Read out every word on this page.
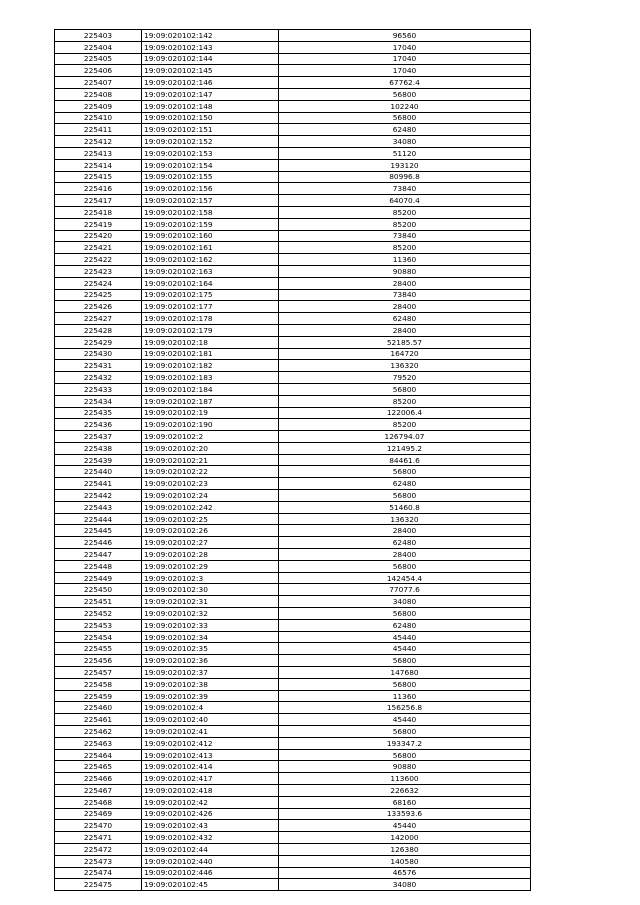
225403	19:09:020102:142	96560
225404	19:09:020102:143	17040
225405	19:09:020102:144	17040
225406	19:09:020102:145	17040
225407	19:09:020102:146	67762.4
225408	19:09:020102:147	56800
225409	19:09:020102:148	102240
225410	19:09:020102:150	56800
225411	19:09:020102:151	62480
225412	19:09:020102:152	34080
225413	19:09:020102:153	51120
225414	19:09:020102:154	193120
225415	19:09:020102:155	80996.8
225416	19:09:020102:156	73840
225417	19:09:020102:157	64070.4
225418	19:09:020102:158	85200
225419	19:09:020102:159	85200
225420	19:09:020102:160	73840
225421	19:09:020102:161	85200
225422	19:09:020102:162	11360
225423	19:09:020102:163	90880
225424	19:09:020102:164	28400
225425	19:09:020102:175	73840
225426	19:09:020102:177	28400
225427	19:09:020102:178	62480
225428	19:09:020102:179	28400
225429	19:09:020102:18	52185.57
225430	19:09:020102:181	164720
225431	19:09:020102:182	136320
225432	19:09:020102:183	79520
225433	19:09:020102:184	56800
225434	19:09:020102:187	85200
225435	19:09:020102:19	122006.4
225436	19:09:020102:190	85200
225437	19:09:020102:2	126794.07
225438	19:09:020102:20	121495.2
225439	19:09:020102:21	84461.6
225440	19:09:020102:22	56800
225441	19:09:020102:23	62480
225442	19:09:020102:24	56800
225443	19:09:020102:242	51460.8
225444	19:09:020102:25	136320
225445	19:09:020102:26	28400
225446	19:09:020102:27	62480
225447	19:09:020102:28	28400
225448	19:09:020102:29	56800
225449	19:09:020102:3	142454.4
225450	19:09:020102:30	77077.6
225451	19:09:020102:31	34080
225452	19:09:020102:32	56800
225453	19:09:020102:33	62480
225454	19:09:020102:34	45440
225455	19:09:020102:35	45440
225456	19:09:020102:36	56800
225457	19:09:020102:37	147680
225458	19:09:020102:38	56800
225459	19:09:020102:39	11360
225460	19:09:020102:4	156256.8
225461	19:09:020102:40	45440
225462	19:09:020102:41	56800
225463	19:09:020102:412	193347.2
225464	19:09:020102:413	56800
225465	19:09:020102:414	90880
225466	19:09:020102:417	113600
225467	19:09:020102:418	226632
225468	19:09:020102:42	68160
225469	19:09:020102:426	133593.6
225470	19:09:020102:43	45440
225471	19:09:020102:432	142000
225472	19:09:020102:44	126380
225473	19:09:020102:440	140580
225474	19:09:020102:446	46576
225475	19:09:020102:45	34080
